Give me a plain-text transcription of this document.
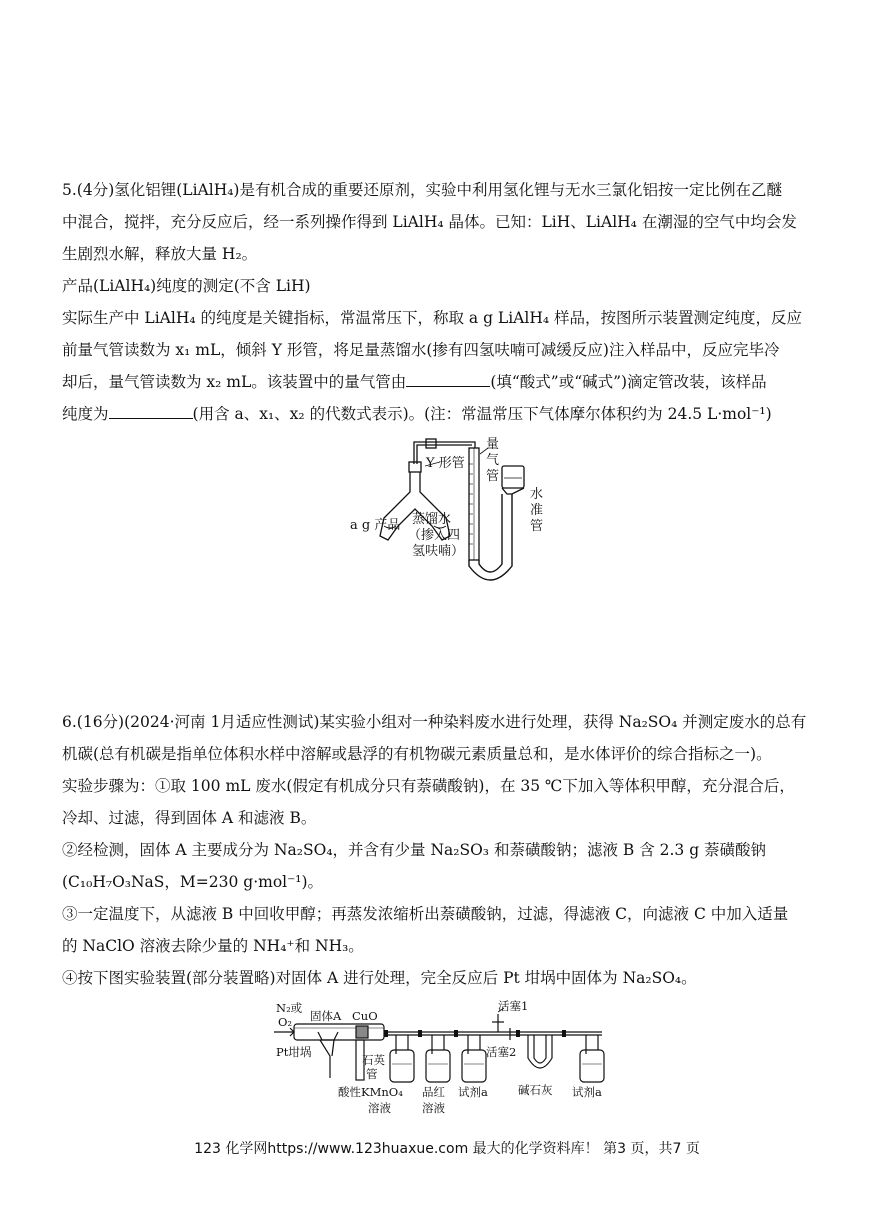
5.(4分)氢化铝锂(LiAlH₄)是有机合成的重要还原剂，实验中利用氢化锂与无水三氯化铝按一定比例在乙醚
中混合，搅拌，充分反应后，经一系列操作得到 LiAlH₄ 晶体。已知：LiH、LiAlH₄ 在潮湿的空气中均会发
生剧烈水解，释放大量 H₂。
产品(LiAlH₄)纯度的测定(不含 LiH)
实际生产中 LiAlH₄ 的纯度是关键指标，常温常压下，称取 a g LiAlH₄ 样品，按图所示装置测定纯度，反应
前量气管读数为 x₁ mL，倾斜 Y 形管，将足量蒸馏水(掺有四氢呋喃可减缓反应)注入样品中，反应完毕冷
却后，量气管读数为 x₂ mL。该装置中的量气管由	(填“酸式”或“碱式”)滴定管改装，该样品
纯度为	(用含 a、x₁、x₂ 的代数式表示)。(注：常温常压下气体摩尔体积约为 24.5 L·mol⁻¹)
Y 形管
量
气
管
水
准
管
a g 产品 蒸馏水
（掺入四
氢呋喃）
6.(16分)(2024·河南 1月适应性测试)某实验小组对一种染料废水进行处理，获得 Na₂SO₄ 并测定废水的总有
机碳(总有机碳是指单位体积水样中溶解或悬浮的有机物碳元素质量总和，是水体评价的综合指标之一)。
实验步骤为：①取 100 mL 废水(假定有机成分只有萘磺酸钠)，在 35 ℃下加入等体积甲醇，充分混合后，
冷却、过滤，得到固体 A 和滤液 B。
②经检测，固体 A 主要成分为 Na₂SO₄，并含有少量 Na₂SO₃ 和萘磺酸钠；滤液 B 含 2.3 g 萘磺酸钠
(C₁₀H₇O₃NaS，M=230 g·mol⁻¹)。
③一定温度下，从滤液 B 中回收甲醇；再蒸发浓缩析出萘磺酸钠，过滤，得滤液 C，向滤液 C 中加入适量
的 NaClO 溶液去除少量的 NH₄⁺和 NH₃。
④按下图实验装置(部分装置略)对固体 A 进行处理，完全反应后 Pt 坩埚中固体为 Na₂SO₄。
N₂或
O₂ 固体A CuO
Pt坩埚
石英
管
酸性KMnO₄
溶液
品红
溶液
试剂a
活塞1
活塞2
碱石灰 试剂a
123 化学网https://www.123huaxue.com 最大的化学资料库！ 第3 页，共7 页
